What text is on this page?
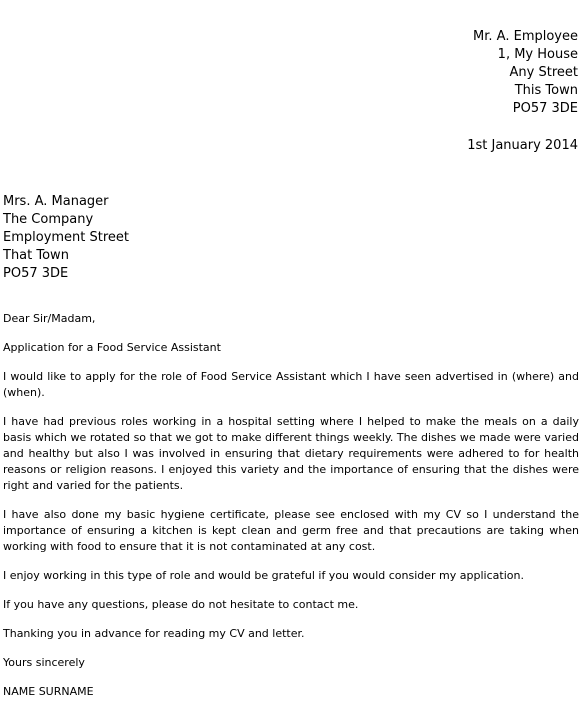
Mr. A. Employee
1, My House
Any Street
This Town
PO57 3DE
1st January 2014
Mrs. A. Manager
The Company
Employment Street
That Town
PO57 3DE

Dear Sir/Madam,

Application for a Food Service Assistant

I would like to apply for the role of Food Service Assistant which I have seen advertised in (where) and (when).

I have had previous roles working in a hospital setting where I helped to make the meals on a daily basis which we rotated so that we got to make different things weekly. The dishes we made were varied and healthy but also I was involved in ensuring that dietary requirements were adhered to for health reasons or religion reasons. I enjoyed this variety and the importance of ensuring that the dishes were right and varied for the patients.

I have also done my basic hygiene certificate, please see enclosed with my CV so I understand the importance of ensuring a kitchen is kept clean and germ free and that precautions are taking when working with food to ensure that it is not contaminated at any cost.

I enjoy working in this type of role and would be grateful if you would consider my application.

If you have any questions, please do not hesitate to contact me.

Thanking you in advance for reading my CV and letter.

Yours sincerely

NAME SURNAME
